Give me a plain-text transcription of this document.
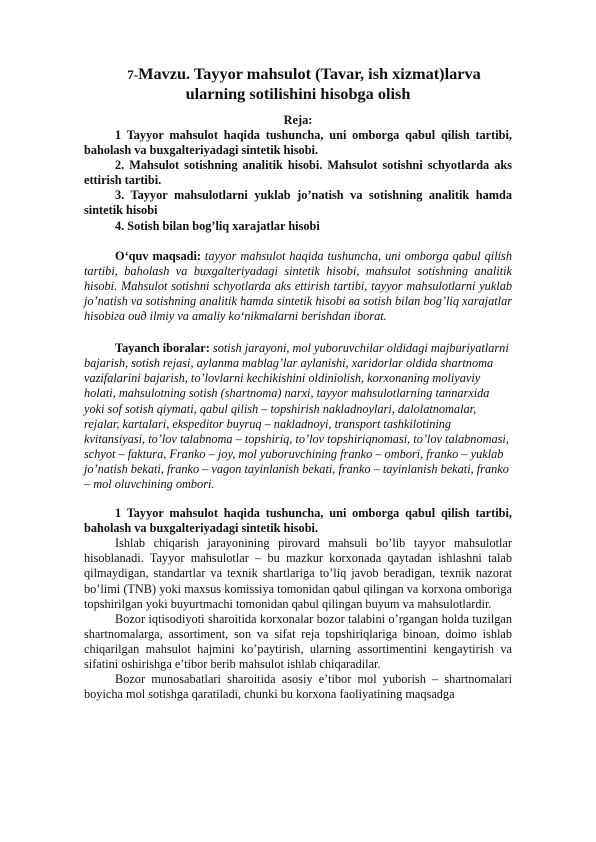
7-Mavzu. Tayyor mahsulot (Tavar, ish xizmat)larva
ularning sotilishini hisobga olish
Reja:

1 Tayyor mahsulot haqida tushuncha, uni omborga qabul qilish tartibi, baholash va buxgalteriyadagi sintetik hisobi.

2. Mahsulot sotishning analitik hisobi. Mahsulot sotishni schyotlarda aks ettirish tartibi.

3. Tayyor mahsulotlarni yuklab jo’natish va sotishning analitik hamda sintetik hisobi

4. Sotish bilan bog’liq xarajatlar hisobi

O‘quv maqsadi: tayyor mahsulot haqida tushuncha, uni omborga qabul qilish tartibi, baholash va buxgalteriyadagi sintetik hisobi, mahsulot sotishning analitik hisobi. Mahsulot sotishni schyotlarda aks ettirish tartibi, tayyor mahsulotlarni yuklab jo’natish va sotishning analitik hamda sintetik hisobi ва sotish bilan bog’liq xarajatlar hisobiга оид ilmiy va amaliy ko‘nikmalarni berishdan iborat.

Tayanch iboralar: sotish jarayoni, mol yuboruvchilar oldidagi majburiyatlarni bajarish, sotish rejasi, aylanma mablag’lar aylanishi, xaridorlar oldida shartnoma vazifalarini bajarish, to’lovlarni kechikishini oldiniolish, korxonaning moliyaviy holati, mahsulotning sotish (shartnoma) narxi, tayyor mahsulotlarning tannarxida yoki sof sotish qiymati, qabul qilish – topshirish nakladnoylari, dalolatnomalar, rejalar, kartalari, ekspeditor buyruq – nakladnoyi, transport tashkilotining kvitansiyasi, to’lov talabnoma – topshiriq, to’lov topshiriqnomasi, to’lov talabnomasi, schyot – faktura, Franko – joy, mol yuboruvchining franko – ombori, franko – yuklab jo’natish bekati, franko – vagon tayinlanish bekati, franko – tayinlanish bekati, franko – mol oluvchining ombori.

1 Tayyor mahsulot haqida tushuncha, uni omborga qabul qilish tartibi, baholash va buxgalteriyadagi sintetik hisobi.

Ishlab chiqarish jarayonining pirovard mahsuli bo’lib tayyor mahsulotlar hisoblanadi. Tayyor mahsulotlar – bu mazkur korxonada qaytadan ishlashni talab qilmaydigan, standartlar va texnik shartlariga to’liq javob beradigan, texnik nazorat bo’limi (TNB) yoki maxsus komissiya tomonidan qabul qilingan va korxona omboriga topshirilgan yoki buyurtmachi tomonidan qabul qilingan buyum va mahsulotlardir.

Bozor iqtisodiyoti sharoitida korxonalar bozor talabini o’rgangan holda tuzilgan shartnomalarga, assortiment, son va sifat reja topshiriqlariga binoan, doimo ishlab chiqarilgan mahsulot hajmini ko’paytirish, ularning assortimentini kengaytirish va sifatini oshirishga e’tibor berib mahsulot ishlab chiqaradilar.

Bozor munosabatlari sharoitida asosiy e’tibor mol yuborish – shartnomalari boyicha mol sotishga qaratiladi, chunki bu korxona faoliyatining maqsadga
